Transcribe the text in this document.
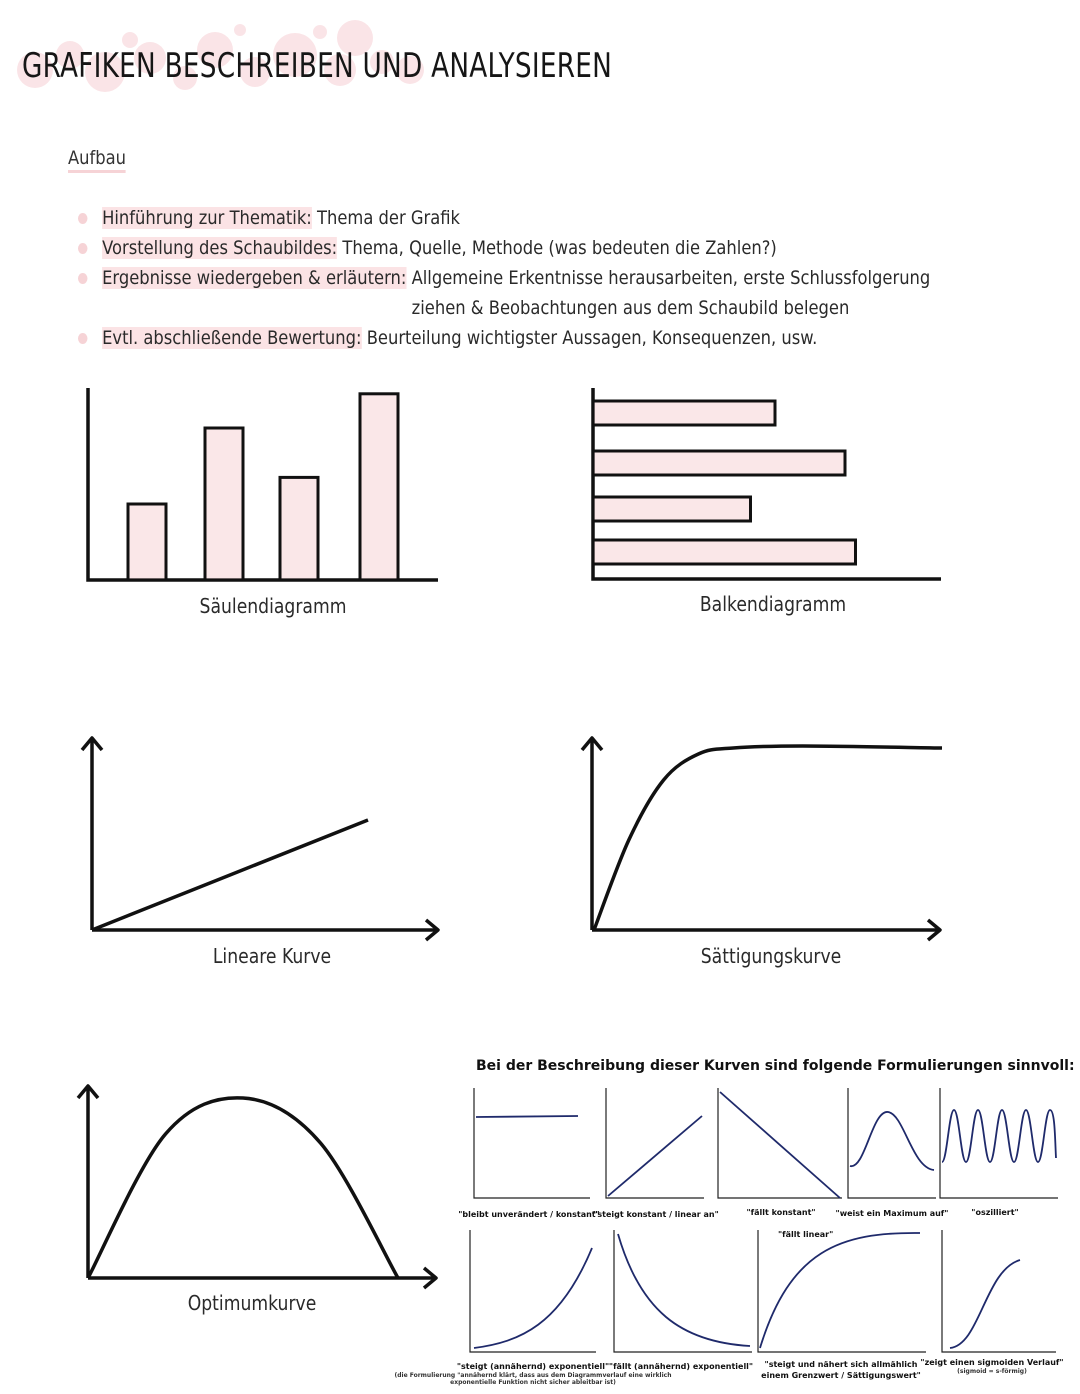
GRAFIKEN BESCHREIBEN UND ANALYSIEREN
Aufbau
Hinführung zur Thematik: Thema der Grafik
Vorstellung des Schaubildes: Thema, Quelle, Methode (was bedeuten die Zahlen?)
Ergebnisse wiedergeben & erläutern: Allgemeine Erkentnisse herausarbeiten, erste Schlussfolgerung
ziehen & Beobachtungen aus dem Schaubild belegen
Evtl. abschließende Bewertung: Beurteilung wichtigster Aussagen, Konsequenzen, usw.
Säulendiagramm	Balkendiagramm
Lineare Kurve	Sättigungskurve
Optimumkurve
Bei der Beschreibung dieser Kurven sind folgende Formulierungen sinnvoll:
"bleibt unverändert / konstant"
"steigt konstant / linear an"	"fällt konstant" "weist ein Maximum auf"	"oszilliert"
"fällt linear"
"steigt (annähernd) exponentiell"
(die Formulierung "annähernd klärt, dass aus dem Diagrammverlauf eine wirklich
exponentielle Funktion nicht sicher ableitbar ist)
"fällt (annähernd) exponentiell" "steigt und nähert sich allmählich
einem Grenzwert / Sättigungswert"
"zeigt einen sigmoiden Verlauf"
(sigmoid = s-förmig)
